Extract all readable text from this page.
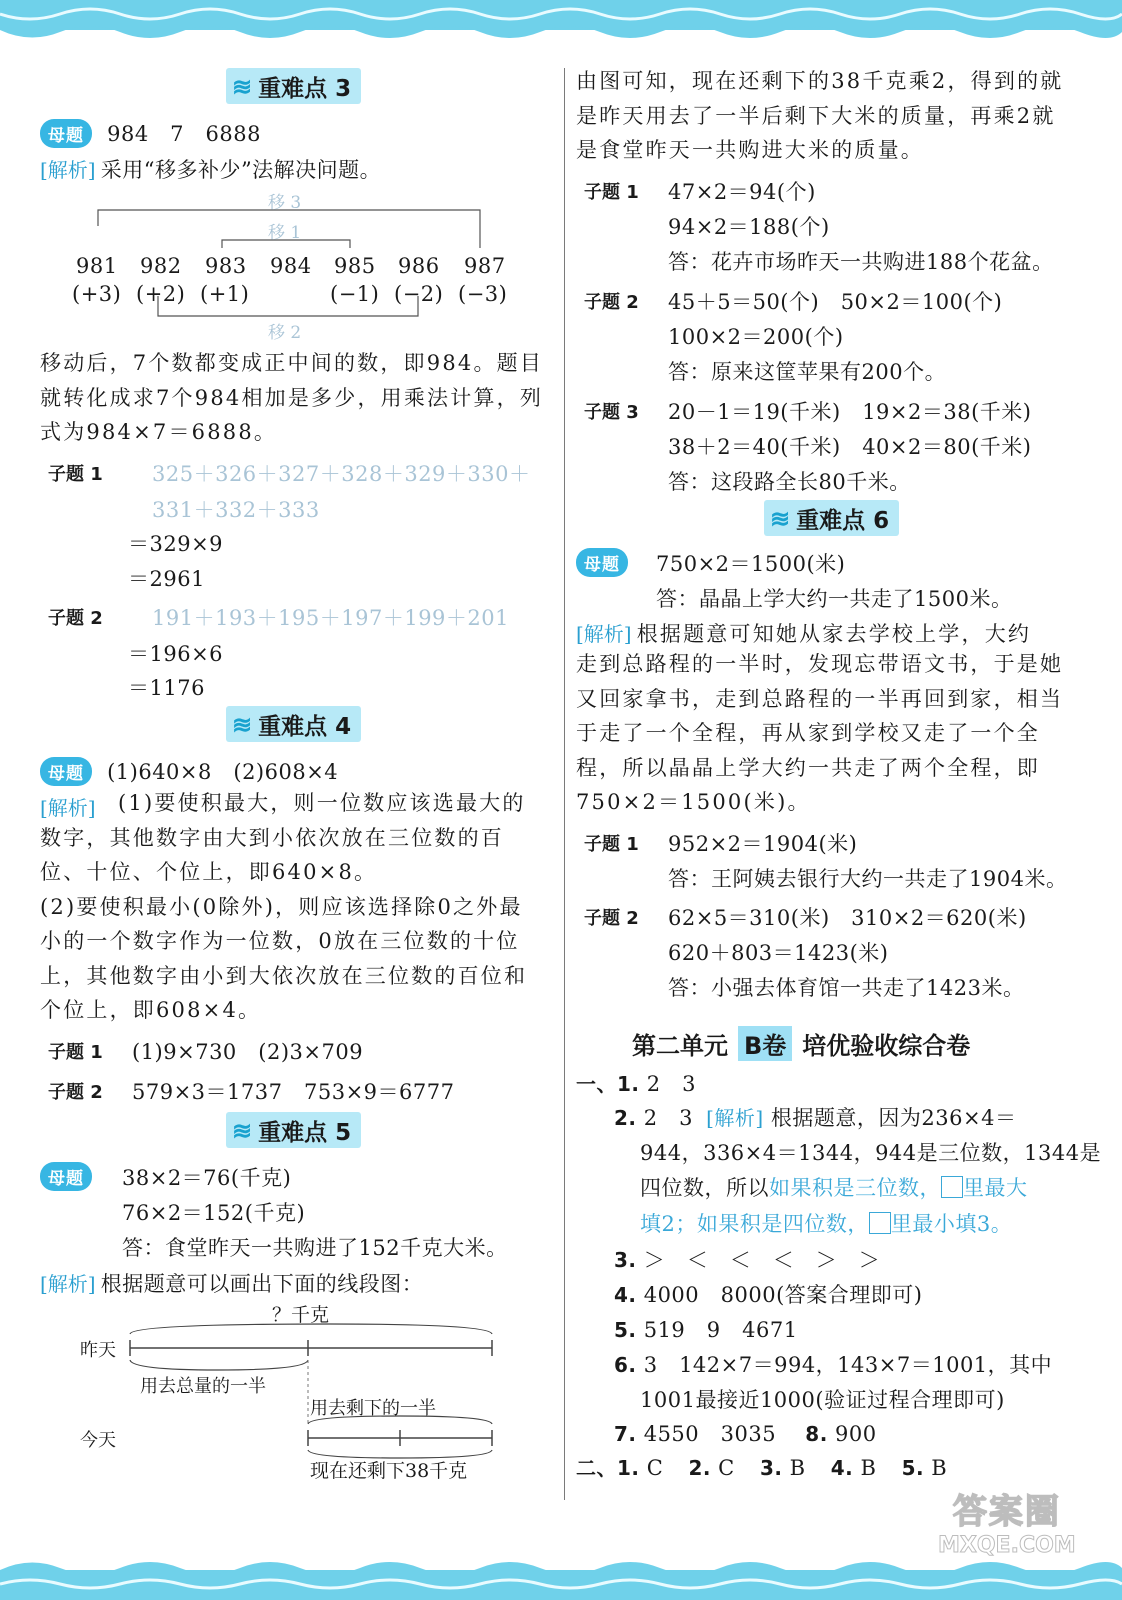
≋ 重难点 3
母题 984　7　6888
[解析] 采用“移多补少”法解决问题。
移 3
移 1
981 982 983 984 985 986 987
(+3) (+2) (+1)	(−1) (−2) (−3)
移 2
移动后，7个数都变成正中间的数，即984。题目
就转化成求7个984相加是多少，用乘法计算，列
式为984×7＝6888。
子题 1 325＋326＋327＋328＋329＋330＋
331＋332＋333
＝329×9
＝2961
子题 2 191＋193＋195＋197＋199＋201
＝196×6
＝1176
≋ 重难点 4
母题 (1)640×8　(2)608×4
[解析]	(1)要使积最大，则一位数应该选最大的
数字，其他数字由大到小依次放在三位数的百
位、十位、个位上，即640×8。
(2)要使积最小(0除外)，则应该选择除0之外最
小的一个数字作为一位数，0放在三位数的十位
上，其他数字由小到大依次放在三位数的百位和
个位上，即608×4。
子题 1 (1)9×730　(2)3×709
子题 2 579×3＝1737　753×9＝6777
≋ 重难点 5
母题	38×2＝76(千克)
76×2＝152(千克)
答：食堂昨天一共购进了152千克大米。
[解析] 根据题意可以画出下面的线段图：
？千克
昨天
用去总量的一半
用去剩下的一半
今天
现在还剩下38千克
由图可知，现在还剩下的38千克乘2，得到的就
是昨天用去了一半后剩下大米的质量，再乘2就
是食堂昨天一共购进大米的质量。
子题 1 47×2＝94(个)
94×2＝188(个)
答：花卉市场昨天一共购进188个花盆。
子题 2 45＋5＝50(个)　50×2＝100(个)
100×2＝200(个)
答：原来这筐苹果有200个。
子题 3 20－1＝19(千米)　19×2＝38(千米)
38＋2＝40(千米)　40×2＝80(千米)
答：这段路全长80千米。
≋ 重难点 6
母题	750×2＝1500(米)
答：晶晶上学大约一共走了1500米。
[解析] 根据题意可知她从家去学校上学，大约
走到总路程的一半时，发现忘带语文书，于是她
又回家拿书，走到总路程的一半再回到家，相当
于走了一个全程，再从家到学校又走了一个全
程，所以晶晶上学大约一共走了两个全程，即
750×2＝1500(米)。
子题 1 952×2＝1904(米)
答：王阿姨去银行大约一共走了1904米。
子题 2 62×5＝310(米)　310×2＝620(米)
620＋803＝1423(米)
答：小强去体育馆一共走了1423米。
第二单元 B卷 培优验收综合卷
一、1. 2　3
2. 2　3 [解析] 根据题意，因为236×4＝
944，336×4＝1344，944是三位数，1344是
四位数，所以如果积是三位数， 里最大
填2；如果积是四位数， 里最小填3。
3. ＞　＜　＜　＜　＞　＞
4. 4000　8000(答案合理即可)
5. 519　9　4671
6. 3　142×7＝994，143×7＝1001，其中
1001最接近1000(验证过程合理即可)
7. 4550　3035 8. 900
二、1. C 2. C 3. B 4. B 5. B
答案圈
MXQE.COM
